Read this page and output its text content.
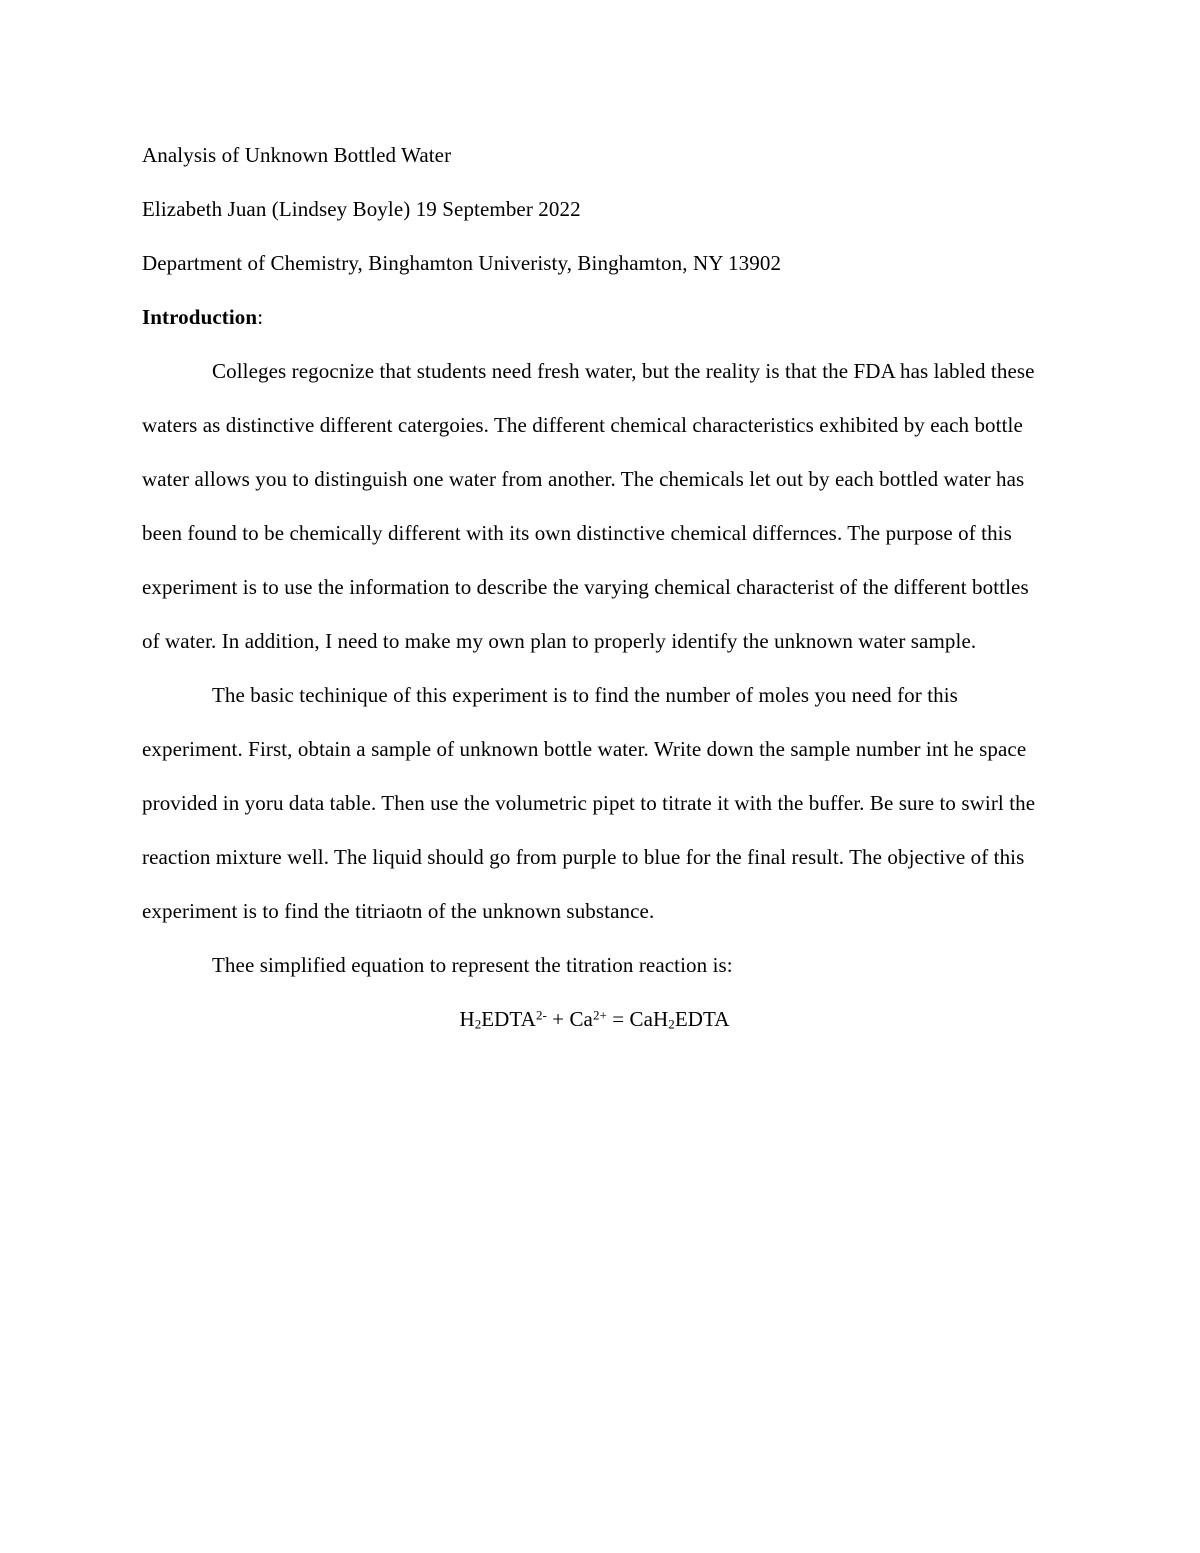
Analysis of Unknown Bottled Water

Elizabeth Juan (Lindsey Boyle) 19 September 2022

Department of Chemistry, Binghamton Univeristy, Binghamton, NY 13902

Introduction:

Colleges regocnize that students need fresh water, but the reality is that the FDA has labled these waters as distinctive different catergoies. The different chemical characteristics exhibited by each bottle water allows you to distinguish one water from another. The chemicals let out by each bottled water has been found to be chemically different with its own distinctive chemical differnces. The purpose of this experiment is to use the information to describe the varying chemical characterist of the different bottles of water. In addition, I need to make my own plan to properly identify the unknown water sample.

The basic techinique of this experiment is to find the number of moles you need for this experiment. First, obtain a sample of unknown bottle water. Write down the sample number int he space provided in yoru data table. Then use the volumetric pipet to titrate it with the buffer. Be sure to swirl the reaction mixture well. The liquid should go from purple to blue for the final result. The objective of this experiment is to find the titriaotn of the unknown substance.

Thee simplified equation to represent the titration reaction is:

$H_2EDTA^{2-} + Ca^{2+}$ = CaH$_2$EDTA
